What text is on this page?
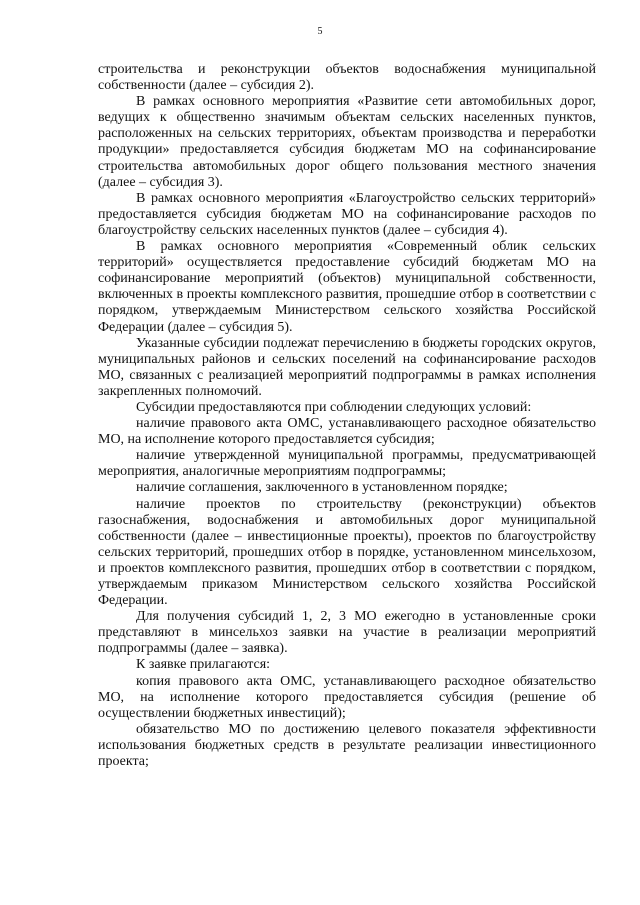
5

строительства и реконструкции объектов водоснабжения муниципальной собственности (далее – субсидия 2).

В рамках основного мероприятия «Развитие сети автомобильных дорог, ведущих к общественно значимым объектам сельских населенных пунктов, расположенных на сельских территориях, объектам производства и переработки продукции» предоставляется субсидия бюджетам МО на софинансирование строительства автомобильных дорог общего пользования местного значения (далее – субсидия 3).

В рамках основного мероприятия «Благоустройство сельских территорий» предоставляется субсидия бюджетам МО на софинансирование расходов по благоустройству сельских населенных пунктов (далее – субсидия 4).

В рамках основного мероприятия «Современный облик сельских территорий» осуществляется предоставление субсидий бюджетам МО на софинансирование мероприятий (объектов) муниципальной собственности, включенных в проекты комплексного развития, прошедшие отбор в соответствии с порядком, утверждаемым Министерством сельского хозяйства Российской Федерации (далее – субсидия 5).

Указанные субсидии подлежат перечислению в бюджеты городских округов, муниципальных районов и сельских поселений на софинансирование расходов МО, связанных с реализацией мероприятий подпрограммы в рамках исполнения закрепленных полномочий.

Субсидии предоставляются при соблюдении следующих условий:

наличие правового акта ОМС, устанавливающего расходное обязательство МО, на исполнение которого предоставляется субсидия;

наличие утвержденной муниципальной программы, предусматривающей мероприятия, аналогичные мероприятиям подпрограммы;

наличие соглашения, заключенного в установленном порядке;

наличие проектов по строительству (реконструкции) объектов газоснабжения, водоснабжения и автомобильных дорог муниципальной собственности (далее – инвестиционные проекты), проектов по благоустройству сельских территорий, прошедших отбор в порядке, установленном минсельхозом, и проектов комплексного развития, прошедших отбор в соответствии с порядком, утверждаемым приказом Министерством сельского хозяйства Российской Федерации.

Для получения субсидий 1, 2, 3 МО ежегодно в установленные сроки представляют в минсельхоз заявки на участие в реализации мероприятий подпрограммы (далее – заявка).

К заявке прилагаются:

копия правового акта ОМС, устанавливающего расходное обязательство МО, на исполнение которого предоставляется субсидия (решение об осуществлении бюджетных инвестиций);

обязательство МО по достижению целевого показателя эффективности использования бюджетных средств в результате реализации инвестиционного проекта;
